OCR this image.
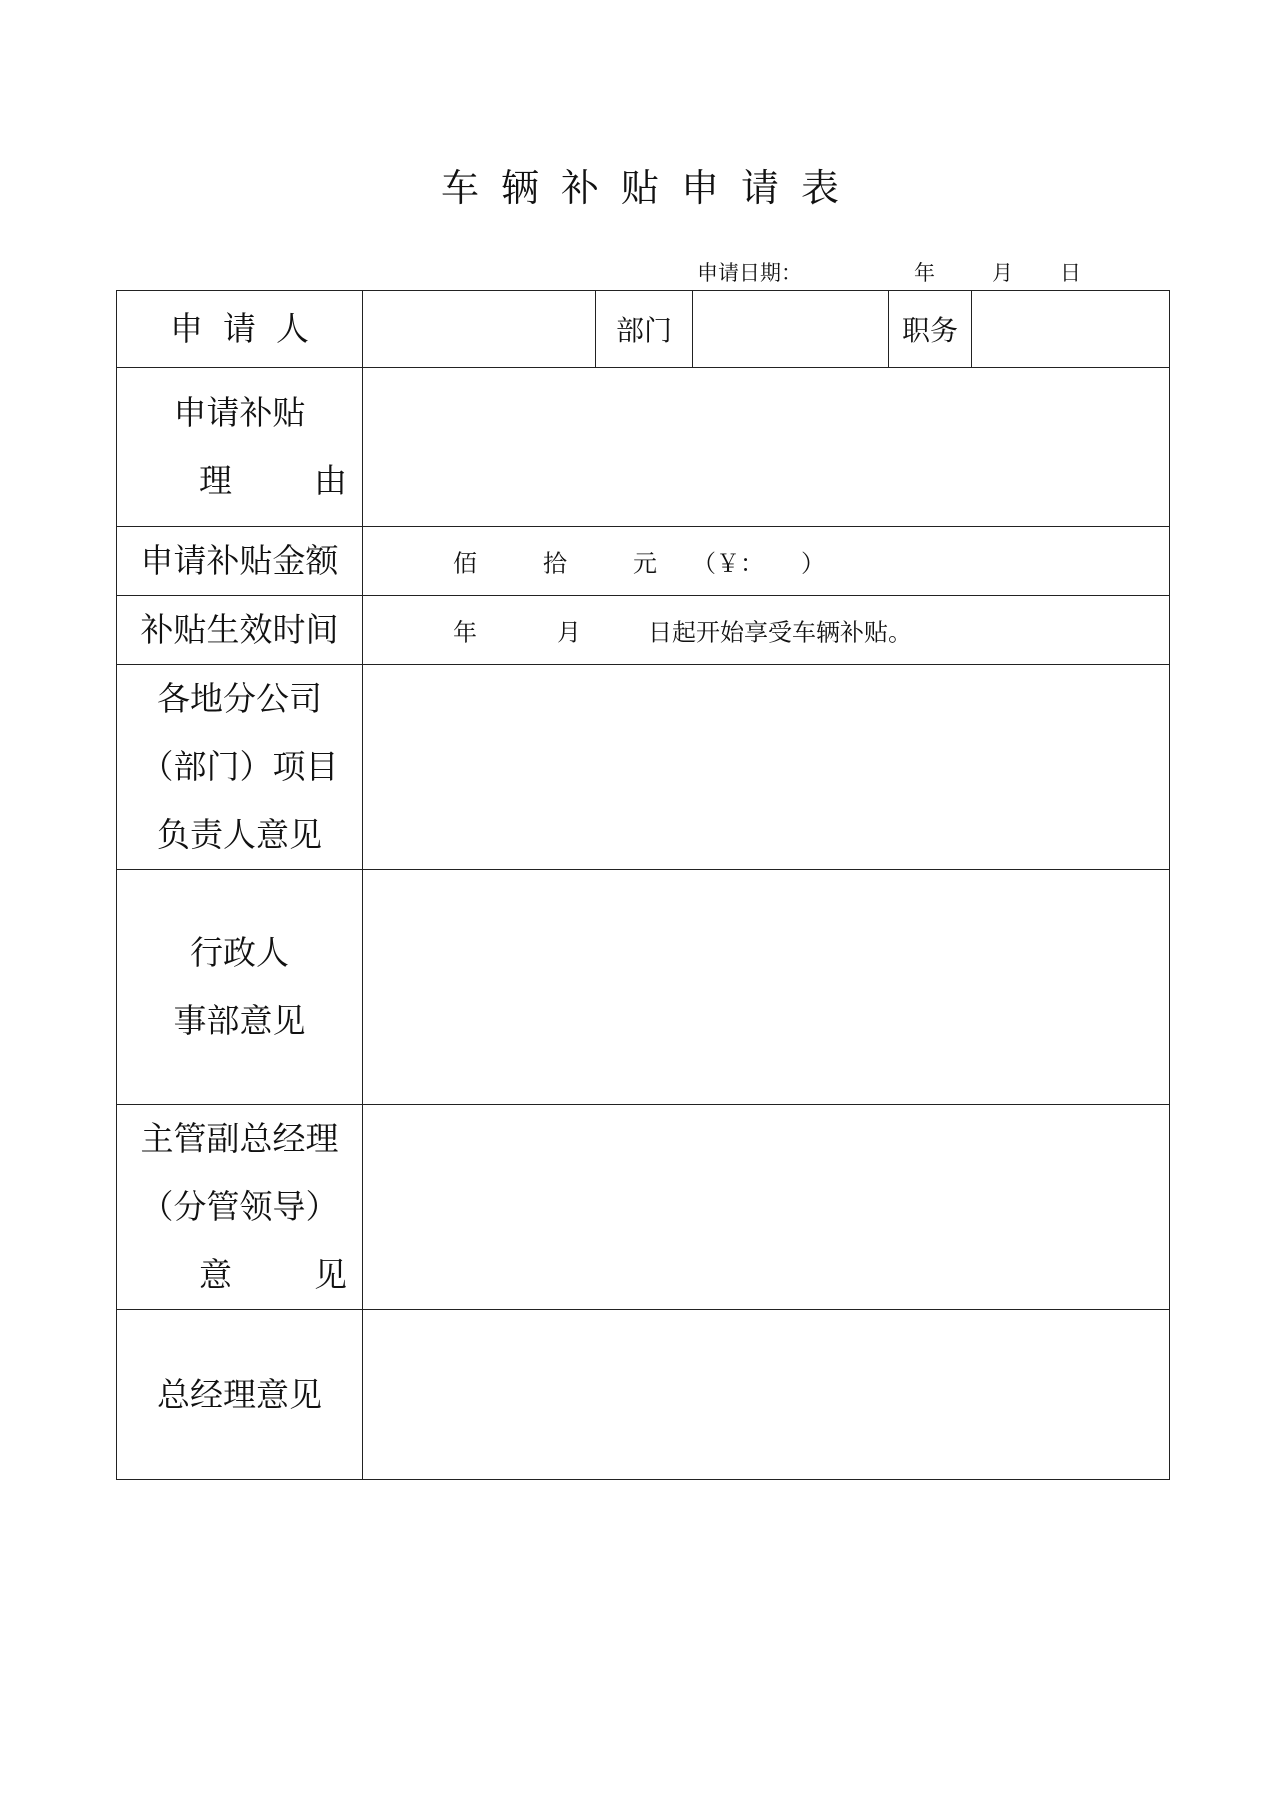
车辆补贴申请表
申请日期：	年	月 日
申请人		部门		职务	

申请补贴
理由					

申请补贴金额	佰 拾 元 （￥： ）				

补贴生效时间	年 月 日起开始享受车辆补贴。				

各地分公司
（部门）项目
负责人意见					

行政人
事部意见					

主管副总经理
（分管领导）
意见					

总经理意见					
